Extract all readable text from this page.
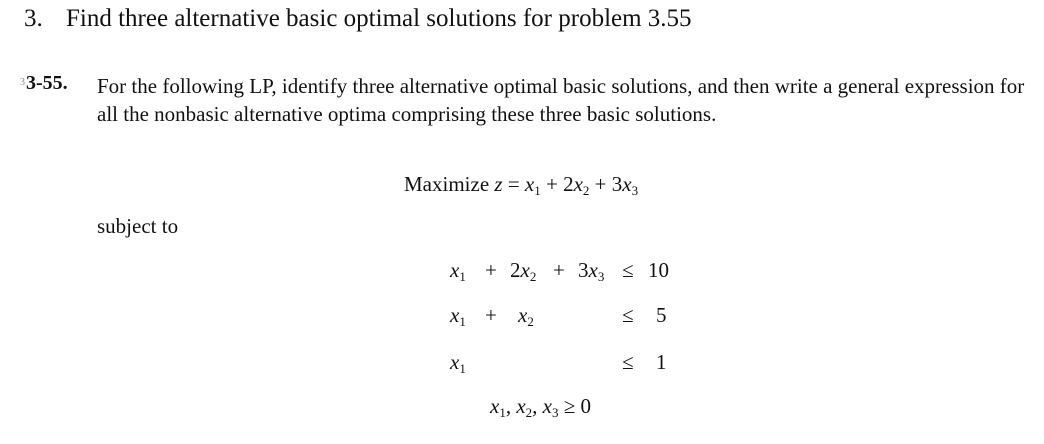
3. Find three alternative basic optimal solutions for problem 3.55
3 3-55. For the following LP, identify three alternative optimal basic solutions, and then write a general expression for all the nonbasic alternative optima comprising these three basic solutions.
Maximize $z = x_1 + 2x_2 + 3x_3$
subject to
$x_1 + 2x_2 + 3x_3 \le 10$
$x_1 + x_2$	≤ 5
$x_1$	≤ 1
$x_1$, $x_2$, $x_3 \ge 0$
